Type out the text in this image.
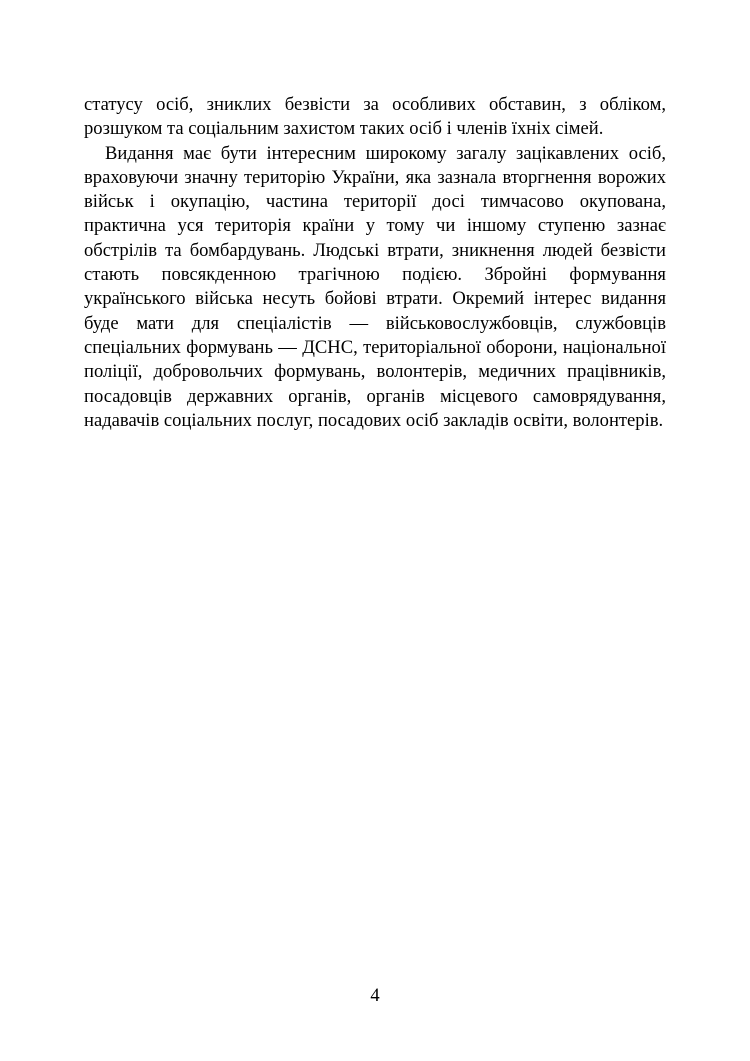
статусу осіб, зниклих безвісти за особливих обставин, з обліком, розшуком та соціальним захистом таких осіб і членів їхніх сімей.

Видання має бути інтересним широкому загалу зацікавлених осіб, враховуючи значну територію України, яка зазнала вторгнення ворожих військ і окупацію, частина території досі тимчасово окупована, практична уся територія країни у тому чи іншому ступеню зазнає обстрілів та бомбардувань. Людські втрати, зникнення людей безвісти стають повсякденною трагічною подією. Збройні формування українського війська несуть бойові втрати. Окремий інтерес видання буде мати для спеціалістів — військовослужбовців, службовців спеціальних формувань — ДСНС, територіальної оборони, національної поліції, добровольчих формувань, волонтерів, медичних працівників, посадовців державних органів, органів місцевого самоврядування, надавачів соціальних послуг, посадових осіб закладів освіти, волонтерів.

4
